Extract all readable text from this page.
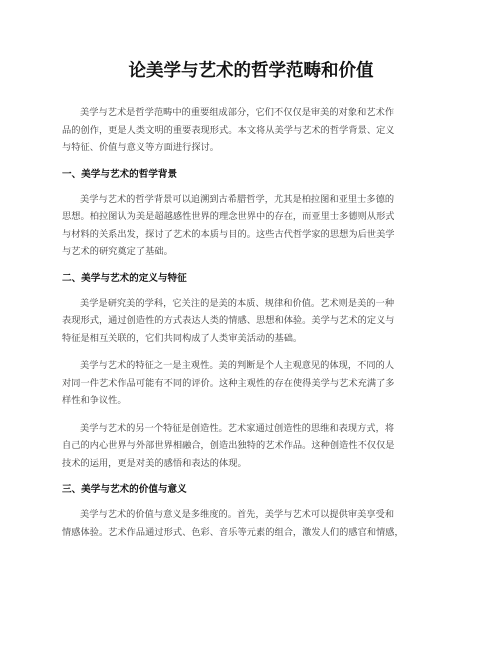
论美学与艺术的哲学范畴和价值
美学与艺术是哲学范畴中的重要组成部分，它们不仅仅是审美的对象和艺术作
品的创作，更是人类文明的重要表现形式。本文将从美学与艺术的哲学背景、定义
与特征、价值与意义等方面进行探讨。
一、美学与艺术的哲学背景
美学与艺术的哲学背景可以追溯到古希腊哲学，尤其是柏拉图和亚里士多德的
思想。柏拉图认为美是超越感性世界的理念世界中的存在，而亚里士多德则从形式
与材料的关系出发，探讨了艺术的本质与目的。这些古代哲学家的思想为后世美学
与艺术的研究奠定了基础。
二、美学与艺术的定义与特征
美学是研究美的学科，它关注的是美的本质、规律和价值。艺术则是美的一种
表现形式，通过创造性的方式表达人类的情感、思想和体验。美学与艺术的定义与
特征是相互关联的，它们共同构成了人类审美活动的基础。
美学与艺术的特征之一是主观性。美的判断是个人主观意见的体现，不同的人
对同一件艺术作品可能有不同的评价。这种主观性的存在使得美学与艺术充满了多
样性和争议性。
美学与艺术的另一个特征是创造性。艺术家通过创造性的思维和表现方式，将
自己的内心世界与外部世界相融合，创造出独特的艺术作品。这种创造性不仅仅是
技术的运用，更是对美的感悟和表达的体现。
三、美学与艺术的价值与意义
美学与艺术的价值与意义是多维度的。首先，美学与艺术可以提供审美享受和
情感体验。艺术作品通过形式、色彩、音乐等元素的组合，激发人们的感官和情感，
